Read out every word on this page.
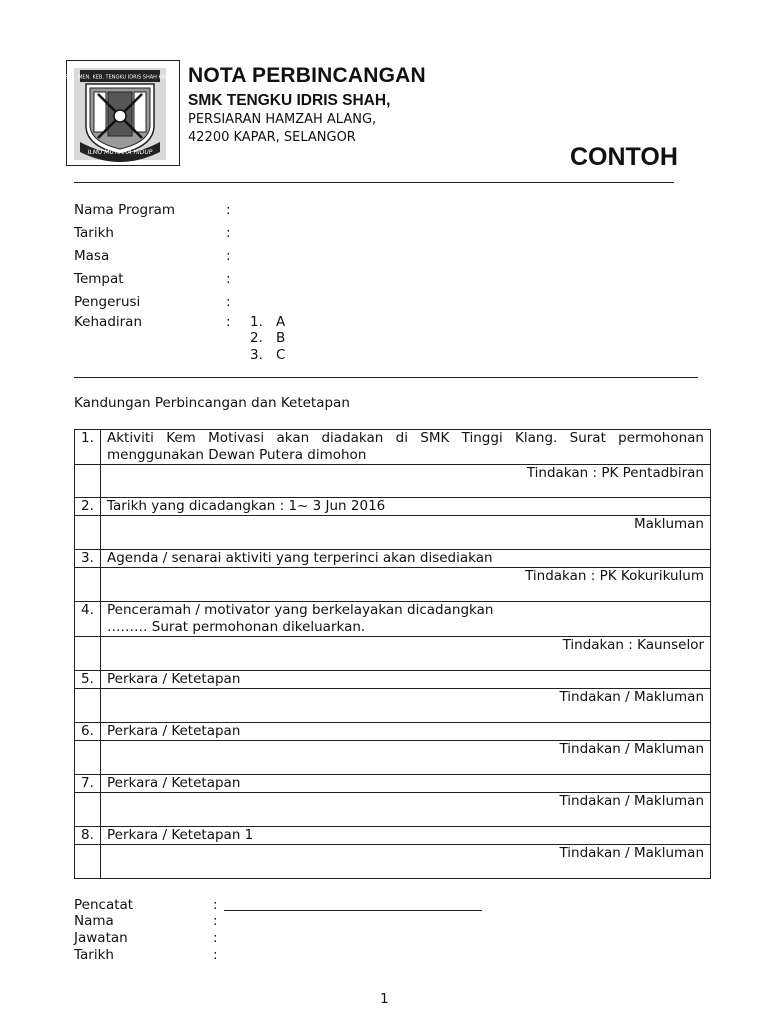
SEK. MEN. KEB. TENGKU IDRIS SHAH KAPAR
ILMU MUTIARA HIDUP
NOTA PERBINCANGAN
SMK TENGKU IDRIS SHAH,
PERSIARAN HAMZAH ALANG,
42200 KAPAR, SELANGOR
CONTOH
Nama Program	:
Tarikh	:
Masa	:
Tempat	:
Pengerusi	:
Kehadiran	: 1. A
2. B
3. C
Kandungan Perbincangan dan Ketetapan
1.	Aktiviti Kem Motivasi akan diadakan di SMK Tinggi Klang. Surat permohonan menggunakan Dewan Putera dimohon
	Tindakan : PK Pentadbiran
2.	Tarikh yang dicadangkan : 1~ 3 Jun 2016
	Makluman
3.	Agenda / senarai aktiviti yang terperinci akan disediakan
	Tindakan : PK Kokurikulum
4.	Penceramah / motivator yang berkelayakan dicadangkan ……… Surat permohonan dikeluarkan.
	Tindakan : Kaunselor
5.	Perkara / Ketetapan
	Tindakan / Makluman
6.	Perkara / Ketetapan
	Tindakan / Makluman
7.	Perkara / Ketetapan
	Tindakan / Makluman
8.	Perkara / Ketetapan 1
	Tindakan / Makluman
Pencatat	:
Nama	:
Jawatan	:
Tarikh	:
1
